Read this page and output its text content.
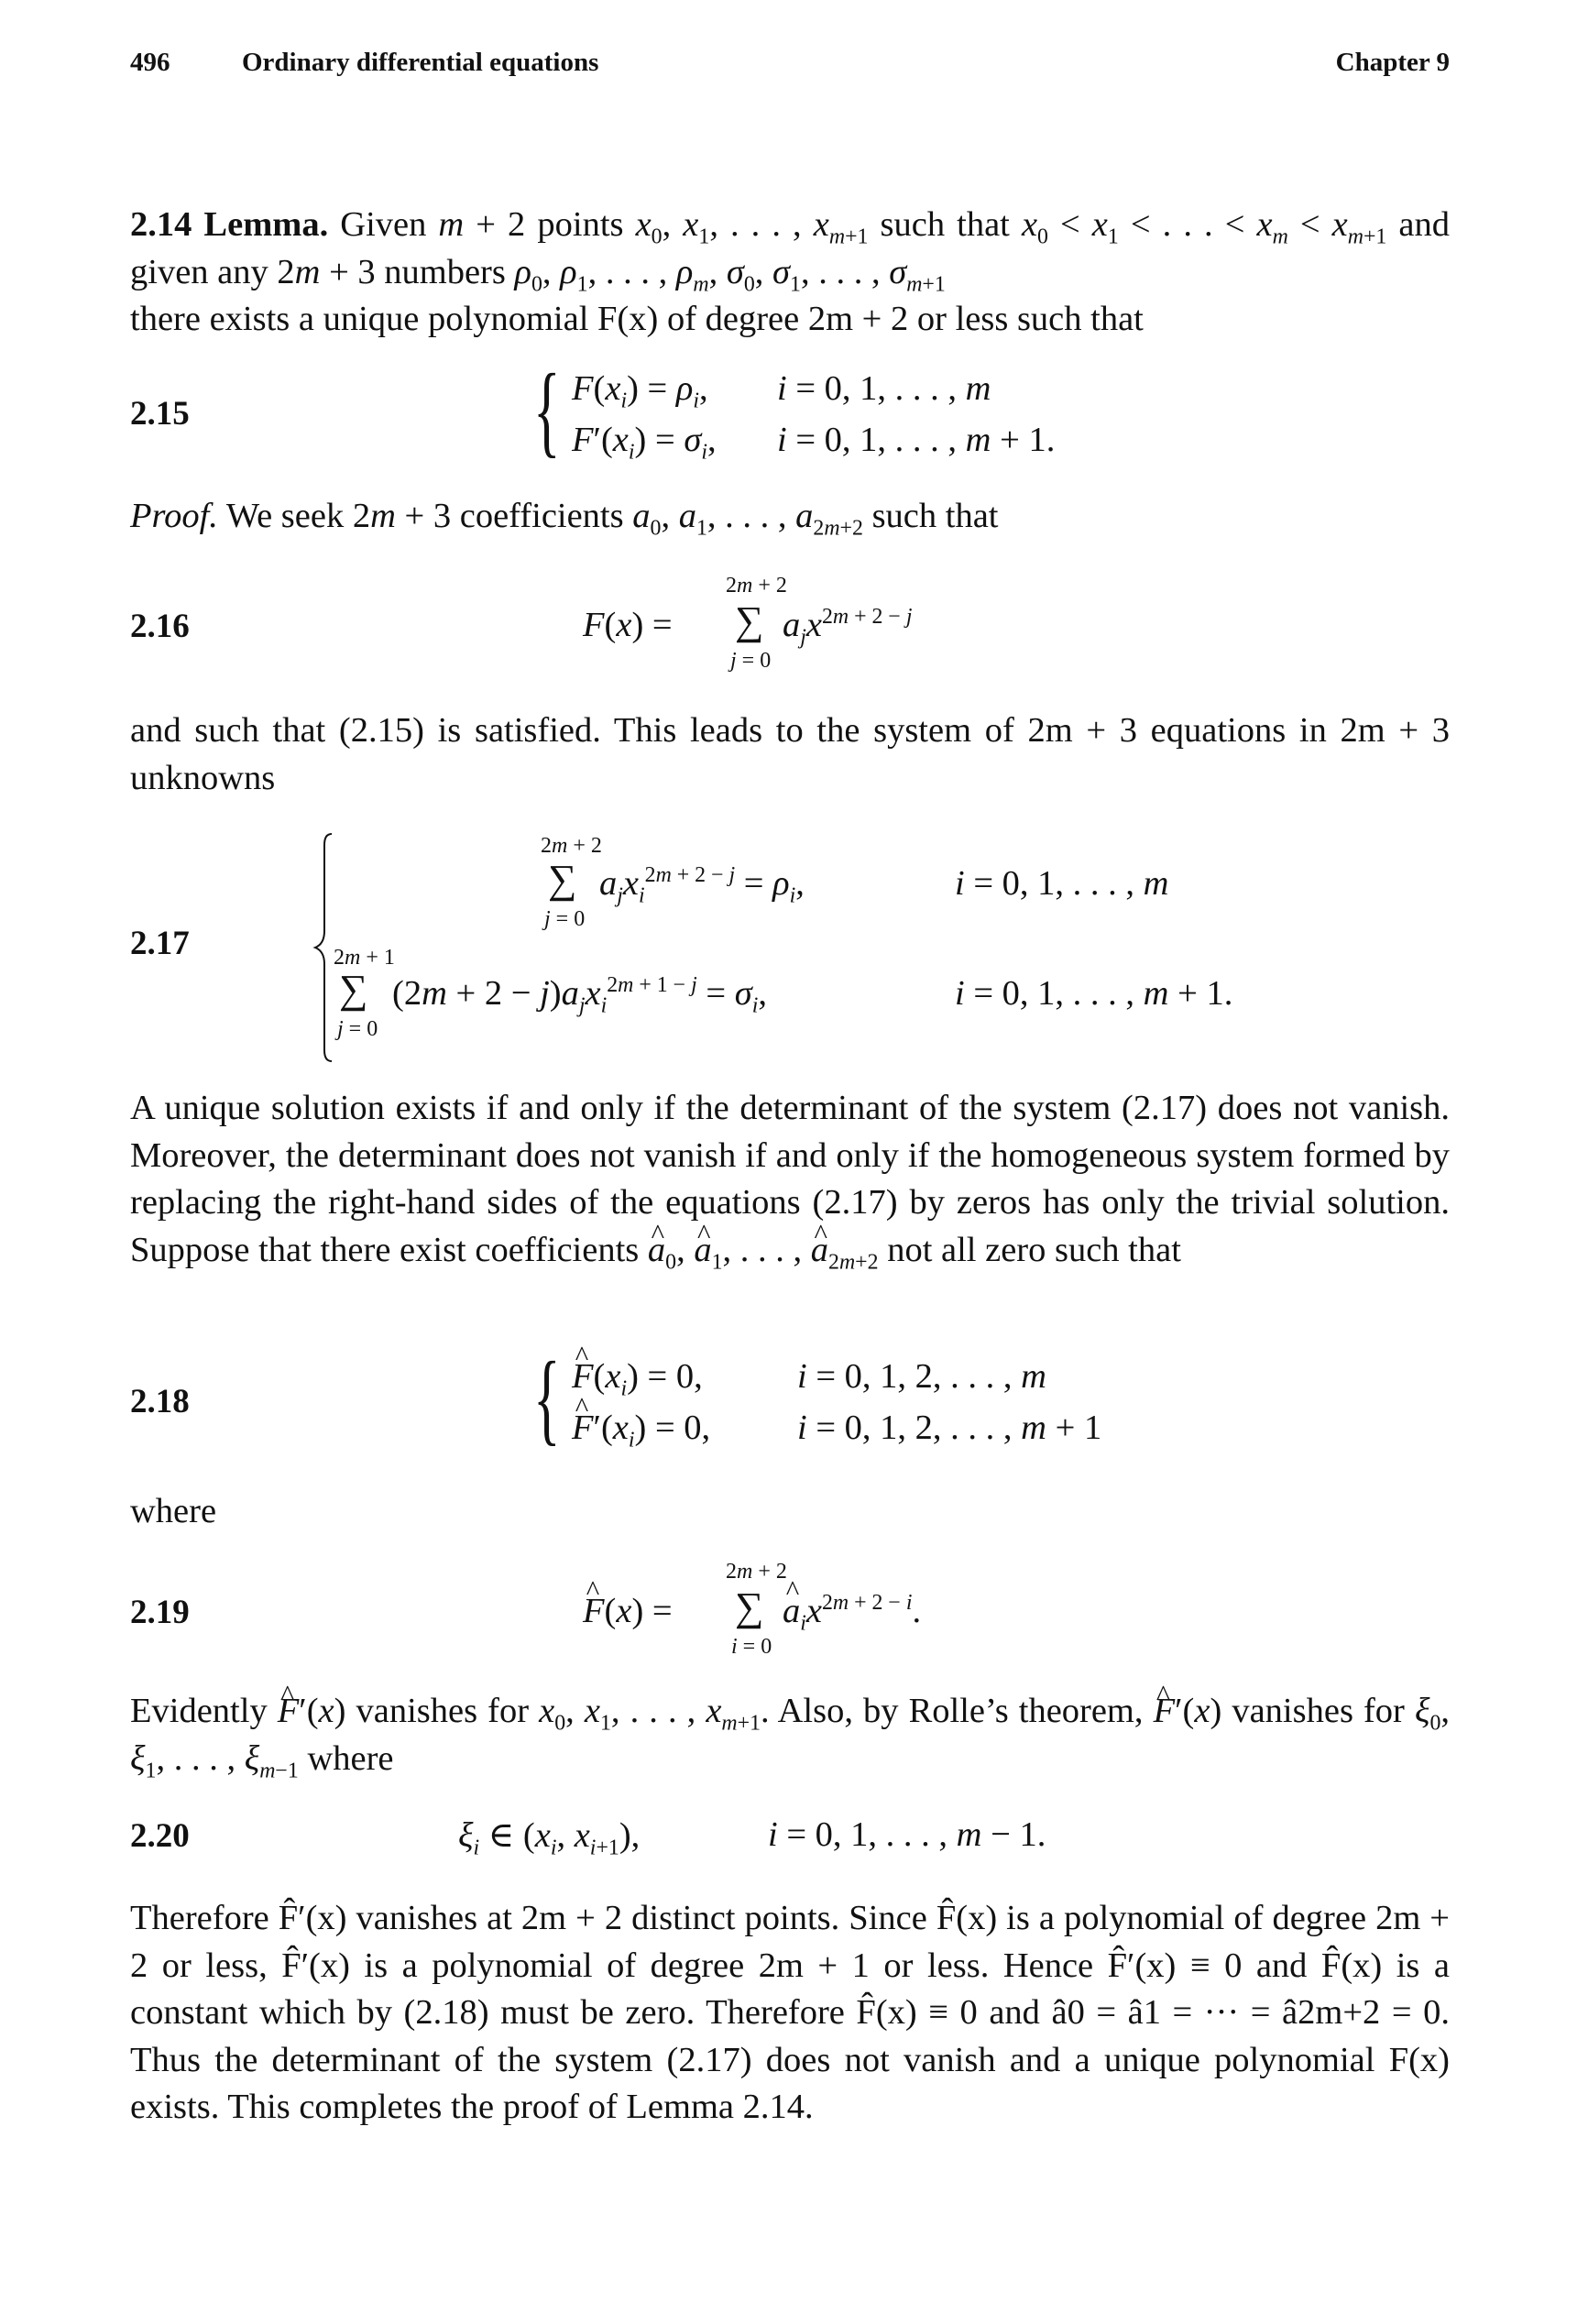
496	Ordinary differential equations	Chapter 9
2.14 Lemma. Given m + 2 points $x_0$, $x_1$, . . . , $x_{m+1}$ such that $x_0 < x_1$ < . . . < $x_m < x_{m+1}$ and given any 2m + 3 numbers $\rho_0$, $\rho_1$, . . . , $\rho_m$, $\sigma_0$, $\sigma_1$, . . . , $\sigma_{m+1}$
there exists a unique polynomial F(x) of degree 2m + 2 or less such that
2.15	{ $F(x_i) = \rho_i$, i = 0, 1, . . . , m
$F'(x_i) = \sigma_i$, i = 0, 1, . . . , m + 1.
Proof. We seek 2m + 3 coefficients $a_0$, $a_1$, . . . , $a_{2m+2}$ such that
2.16	F(x) =
2m + 2
∑
j = 0
$a_jx^{2m + 2 - j}$
and such that (2.15) is satisfied. This leads to the system of 2m + 3 equations in 2m + 3 unknowns
2.17
2m + 2
∑
j = 0
$a_jx_i^{2m + 2 - j} = \rho_i$,	i = 0, 1, . . . , m
2m + 1
∑
j = 0
$(2m + 2 - j)a_jx_i^{2m + 1 - j} = \sigma_i$,	i = 0, 1, . . . , m + 1.
A unique solution exists if and only if the determinant of the system (2.17) does not vanish. Moreover, the determinant does not vanish if and only if the homogeneous system formed by replacing the right-hand sides of the equations (2.17) by zeros has only the trivial solution. Suppose that there exist coefficients ^ $a_0$, ^ $a_1$, . . . , ^ $a_{2m+2}$ not all zero such that
2.18	{ ^ $F(x_i) = 0$,	i = 0, 1, 2, . . . , m
^ $F'(x_i) = 0$, i = 0, 1, 2, . . . , m + 1
where
2.19	^ F(x) =
2m + 2
∑
i = 0
^ $a_ix^{2m + 2 - i}$.
Evidently ^ F′(x) vanishes for $x_0$, $x_1$, . . . , $x_{m+1}$. Also, by Rolle’s theorem, ^ F′(x) vanishes for $\xi_0$, $\xi_1$, . . . , $\xi_{m-1}$ where
2.20	$\xi_i$ ∈ ($x_i$, $x_{i+1}$),	i = 0, 1, . . . , m − 1.
Therefore F̂′(x) vanishes at 2m + 2 distinct points. Since F̂(x) is a polynomial of degree 2m + 2 or less, F̂′(x) is a polynomial of degree 2m + 1 or less. Hence F̂′(x) ≡ 0 and F̂(x) is a constant which by (2.18) must be zero. Therefore F̂(x) ≡ 0 and â0 = â1 = ··· = â2m+2 = 0. Thus the determinant of the system (2.17) does not vanish and a unique polynomial F(x) exists. This completes the proof of Lemma 2.14.
